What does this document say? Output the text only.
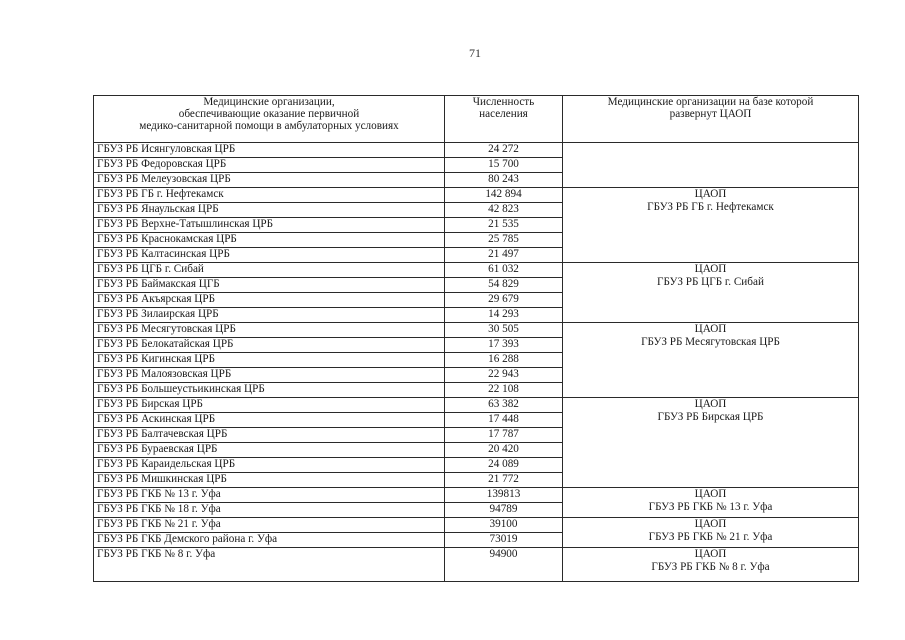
71
Медицинские организации,
обеспечивающие оказание первичной
медико-санитарной помощи в амбулаторных условиях	Численность
населения	Медицинские организации на базе которой
развернут ЦАОП

ГБУЗ РБ Исянгуловская ЦРБ	24 272	
ГБУЗ РБ Федоровская ЦРБ	15 700	
ГБУЗ РБ Мелеузовская ЦРБ	80 243	
ГБУЗ РБ ГБ г. Нефтекамск	142 894	ЦАОП
ГБУЗ РБ ГБ г. Нефтекамск

ГБУЗ РБ Янаульская ЦРБ	42 823	
ГБУЗ РБ Верхне-Татышлинская ЦРБ	21 535	
ГБУЗ РБ Краснокамская ЦРБ	25 785	
ГБУЗ РБ Калтасинская ЦРБ	21 497	
ГБУЗ РБ ЦГБ г. Сибай	61 032	ЦАОП
ГБУЗ РБ ЦГБ г. Сибай

ГБУЗ РБ Баймакская ЦГБ	54 829	
ГБУЗ РБ Акъярская ЦРБ	29 679	
ГБУЗ РБ Зилаирская ЦРБ	14 293	
ГБУЗ РБ Месягутовская ЦРБ	30 505	ЦАОП
ГБУЗ РБ Месягутовская ЦРБ

ГБУЗ РБ Белокатайская ЦРБ	17 393	
ГБУЗ РБ Кигинская ЦРБ	16 288	
ГБУЗ РБ Малоязовская ЦРБ	22 943	
ГБУЗ РБ Большеустьикинская ЦРБ	22 108	
ГБУЗ РБ Бирская ЦРБ	63 382	ЦАОП
ГБУЗ РБ Бирская ЦРБ

ГБУЗ РБ Аскинская ЦРБ	17 448	
ГБУЗ РБ Балтачевская ЦРБ	17 787	
ГБУЗ РБ Бураевская ЦРБ	20 420	
ГБУЗ РБ Караидельская ЦРБ	24 089	
ГБУЗ РБ Мишкинская ЦРБ	21 772	
ГБУЗ РБ ГКБ № 13 г. Уфа	139813	ЦАОП
ГБУЗ РБ ГКБ № 13 г. Уфа

ГБУЗ РБ ГКБ № 18 г. Уфа	94789	
ГБУЗ РБ ГКБ № 21 г. Уфа	39100	ЦАОП
ГБУЗ РБ ГКБ № 21 г. Уфа

ГБУЗ РБ ГКБ Демского района г. Уфа	73019	
ГБУЗ РБ ГКБ № 8 г. Уфа	94900	ЦАОП
ГБУЗ РБ ГКБ № 8 г. Уфа
